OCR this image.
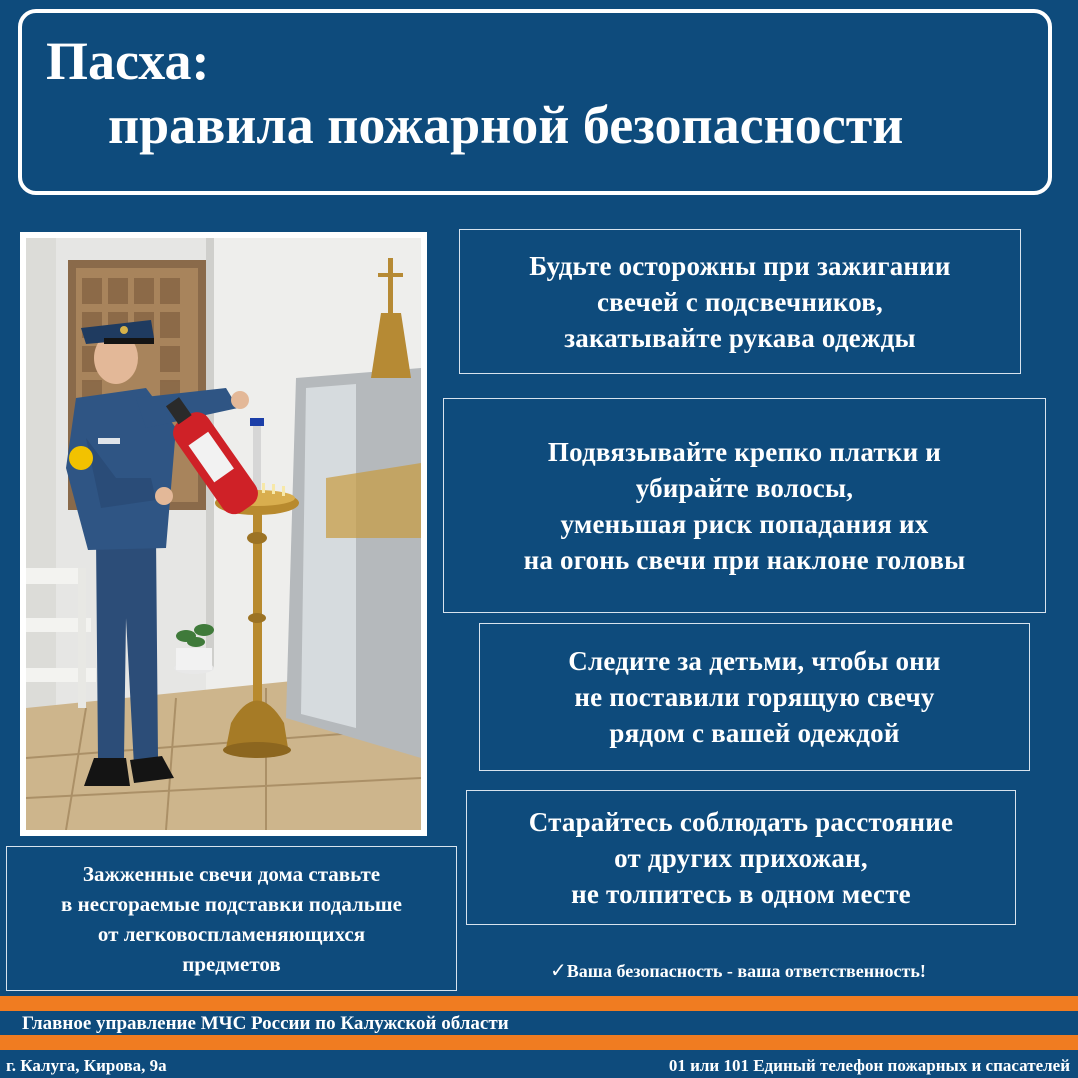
Пасха:
правила пожарной безопасности
Будьте осторожны при зажигании
свечей с подсвечников,
закатывайте рукава одежды
Подвязывайте крепко платки и
убирайте волосы,
уменьшая риск попадания их
на огонь свечи при наклоне головы
Следите за детьми, чтобы они
не поставили горящую свечу
рядом с вашей одеждой
Старайтесь соблюдать расстояние
от других прихожан,
не толпитесь в одном месте
Зажженные свечи дома ставьте
в несгораемые подставки подальше
от легковоспламеняющихся
предметов	✓Ваша безопасность - ваша ответственность!
Главное управление МЧС России по Калужской области
г. Калуга, Кирова, 9а	01 или 101 Единый телефон пожарных и спасателей
